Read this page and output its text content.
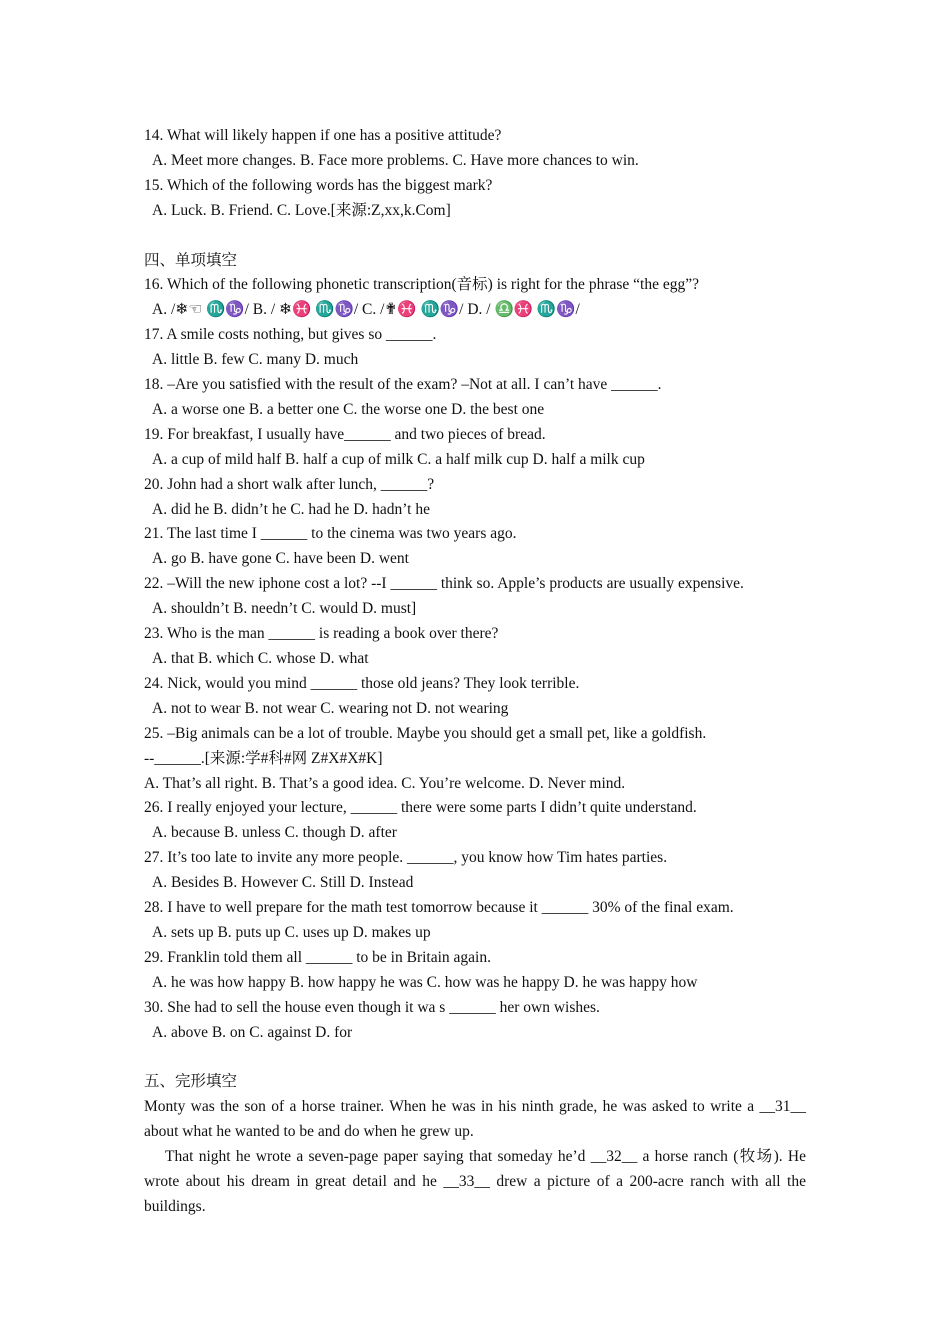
14. What will likely happen if one has a positive attitude?
A. Meet more changes. B. Face more problems. C. Have more chances to win.
15. Which of the following words has the biggest mark?
A. Luck. B. Friend. C. Love.[来源:Z,xx,k.Com]
四、单项填空
16. Which of the following phonetic transcription(音标) is right for the phrase “the egg”?
A. /❄☜ ♏♑/ B. / ❄♓ ♏♑/ C. /✟♓ ♏♑/ D. / ♎♓ ♏♑/
17. A smile costs nothing, but gives so ______.
A. little B. few C. many D. much
18. –Are you satisfied with the result of the exam? –Not at all. I can’t have ______.
A. a worse one B. a better one C. the worse one D. the best one
19. For breakfast, I usually have______ and two pieces of bread.
A. a cup of mild half B. half a cup of milk C. a half milk cup D. half a milk cup
20. John had a short walk after lunch, ______?
A. did he B. didn’t he C. had he D. hadn’t he
21. The last time I ______ to the cinema was two years ago.
A. go B. have gone C. have been D. went
22. –Will the new iphone cost a lot? --I ______ think so. Apple’s products are usually expensive.
A. shouldn’t B. needn’t C. would D. must]
23. Who is the man ______ is reading a book over there?
A. that B. which C. whose D. what
24. Nick, would you mind ______ those old jeans? They look terrible.
A. not to wear B. not wear C. wearing not D. not wearing
25. –Big animals can be a lot of trouble. Maybe you should get a small pet, like a goldfish.
--______.[来源:学#科#网 Z#X#X#K]
A. That’s all right. B. That’s a good idea. C. You’re welcome. D. Never mind.
26. I really enjoyed your lecture, ______ there were some parts I didn’t quite understand.
A. because B. unless C. though D. after
27. It’s too late to invite any more people. ______, you know how Tim hates parties.
A. Besides B. However C. Still D. Instead
28. I have to well prepare for the math test tomorrow because it ______ 30% of the final exam.
A. sets up B. puts up C. uses up D. makes up
29. Franklin told them all ______ to be in Britain again.
A. he was how happy B. how happy he was C. how was he happy D. he was happy how
30. She had to sell the house even though it wa s ______ her own wishes.
A. above B. on C. against D. for
五、完形填空
Monty was the son of a horse trainer. When he was in his ninth grade, he was asked to write a __31__ about what he wanted to be and do when he grew up.
That night he wrote a seven-page paper saying that someday he’d __32__ a horse ranch (牧场). He wrote about his dream in great detail and he __33__ drew a picture of a 200-acre ranch with all the buildings.
